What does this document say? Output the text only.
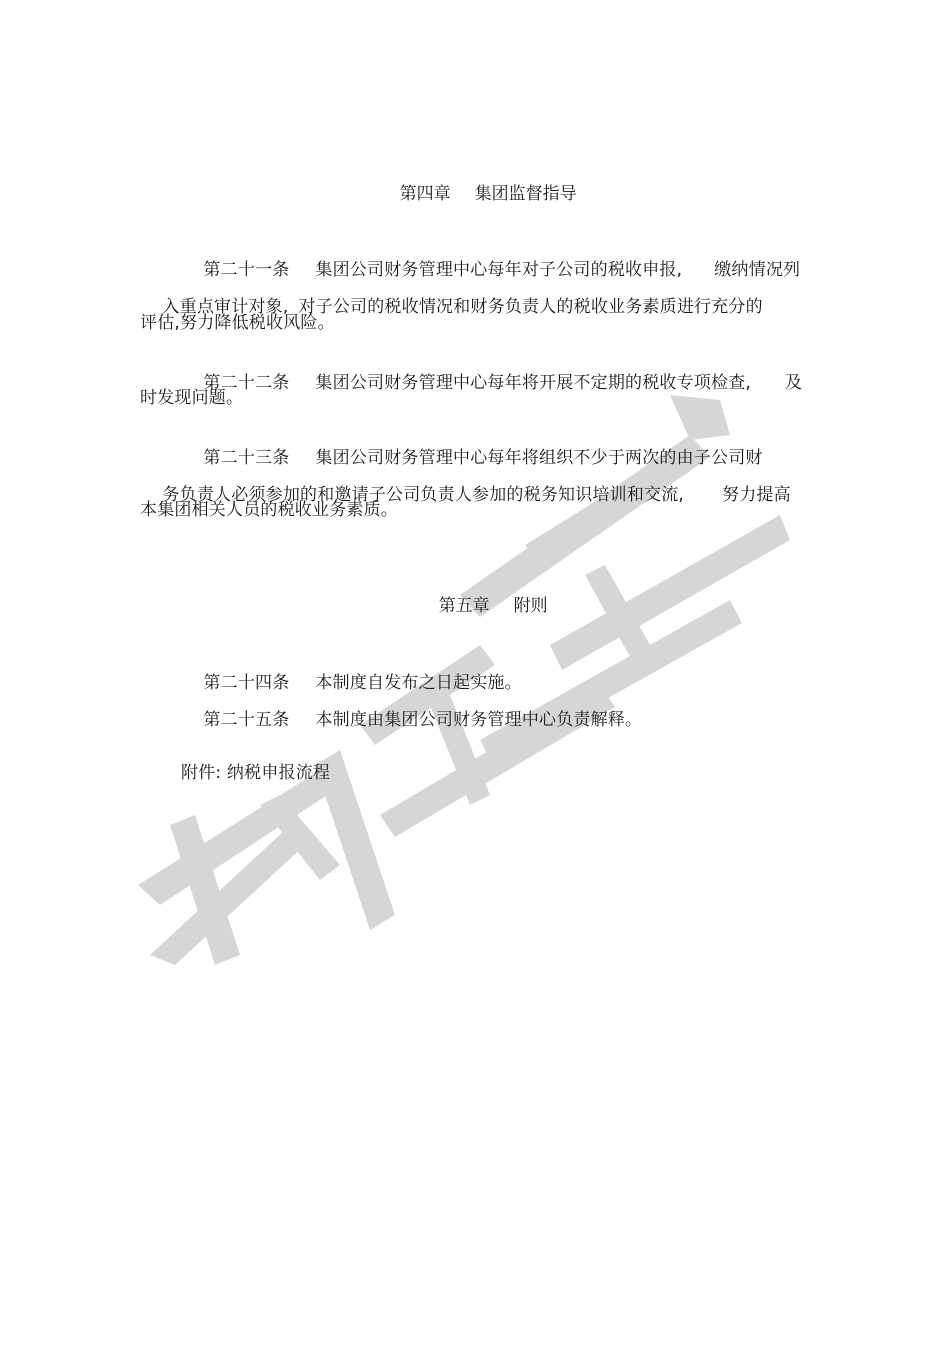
第四章 集团监督指导

第二十一条 集团公司财务管理中心每年对子公司的税收申报, 缴纳情况列

入重点审计对象, 对子公司的税收情况和财务负责人的税收业务素质进行充分的

评估,努力降低税收风险。

第二十二条 集团公司财务管理中心每年将开展不定期的税收专项检查, 及

时发现问题。

第二十三条 集团公司财务管理中心每年将组织不少于两次的由子公司财

务负责人必须参加的和邀请子公司负责人参加的税务知识培训和交流, 努力提高

本集团相关人员的税收业务素质。

第五章 附则

第二十四条 本制度自发布之日起实施。

第二十五条 本制度由集团公司财务管理中心负责解释。

附件: 纳税申报流程
